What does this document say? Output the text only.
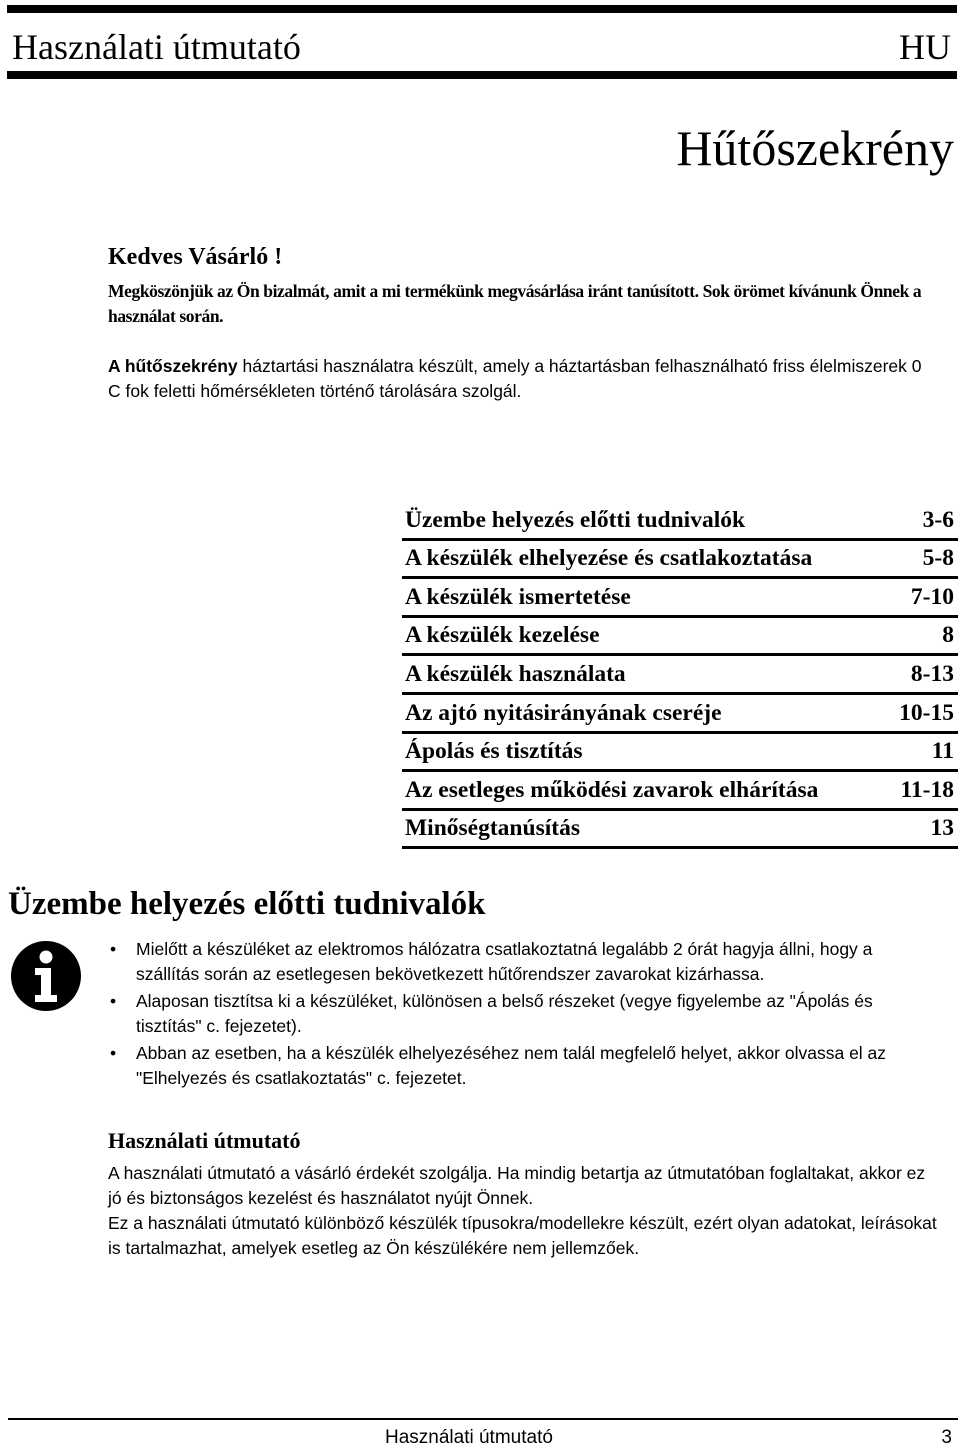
Használati útmutató	HU
Hűtőszekrény
Kedves Vásárló !
Megköszönjük az Ön bizalmát, amit a mi termékünk megvásárlása iránt tanúsított. Sok örömet kívánunk Önnek a használat során.
A hűtőszekrény háztartási használatra készült, amely a háztartásban felhasználható friss élelmiszerek 0 C fok feletti hőmérsékleten történő tárolására szolgál.
Üzembe helyezés előtti tudnivalók	3-6
A készülék elhelyezése és csatlakoztatása	5-8
A készülék ismertetése	7-10
A készülék kezelése	8
A készülék használata	8-13
Az ajtó nyitásirányának cseréje	10-15
Ápolás és tisztítás	11
Az esetleges működési zavarok elhárítása	11-18
Minőségtanúsítás	13
Üzembe helyezés előtti tudnivalók
•	Mielőtt a készüléket az elektromos hálózatra csatlakoztatná legalább 2 órát hagyja állni, hogy a szállítás során az esetlegesen bekövetkezett hűtőrendszer zavarokat kizárhassa.
•	Alaposan tisztítsa ki a készüléket, különösen a belső részeket (vegye figyelembe az "Ápolás és tisztítás" c. fejezetet).
•	Abban az esetben, ha a készülék elhelyezéséhez nem talál megfelelő helyet, akkor olvassa el az "Elhelyezés és csatlakoztatás" c. fejezetet.
Használati útmutató

A használati útmutató a vásárló érdekét szolgálja. Ha mindig betartja az útmutatóban foglaltakat, akkor ez jó és biztonságos kezelést és használatot nyújt Önnek.

Ez a használati útmutató különböző készülék típusokra/modellekre készült, ezért olyan adatokat, leírásokat is tartalmazhat, amelyek esetleg az Ön készülékére nem jellemzőek.

Használati útmutató	3
